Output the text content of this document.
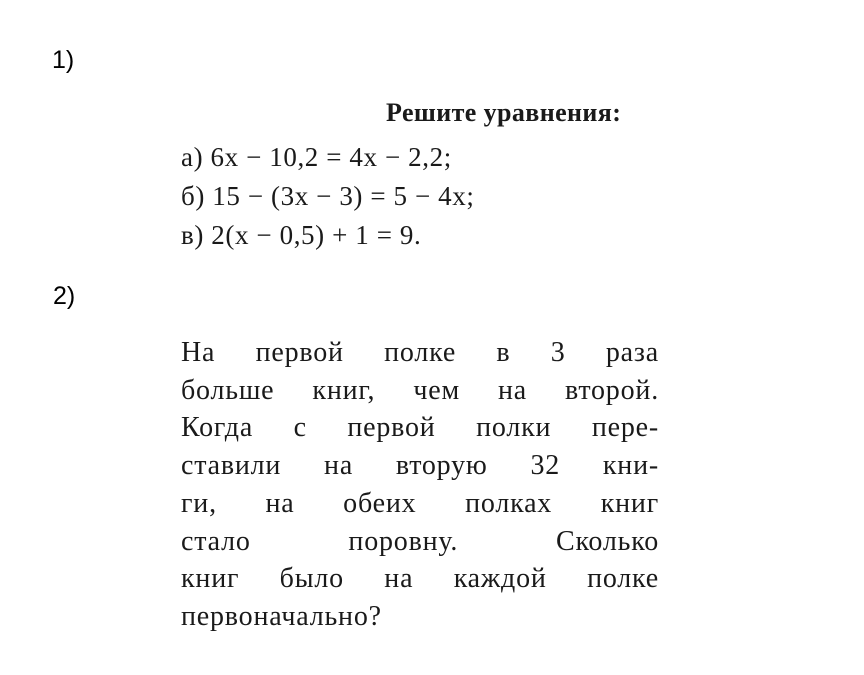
1)
Решите уравнения:
а) 6x − 10,2 = 4x − 2,2;
б) 15 − (3x − 3) = 5 − 4x;
в) 2(x − 0,5) + 1 = 9.
2)
На первой полке в 3 раза
больше книг, чем на второй.
Когда с первой полки пере-
ставили на вторую 32 кни-
ги, на обеих полках книг
стало поровну. Сколько
книг было на каждой полке
первоначально?
